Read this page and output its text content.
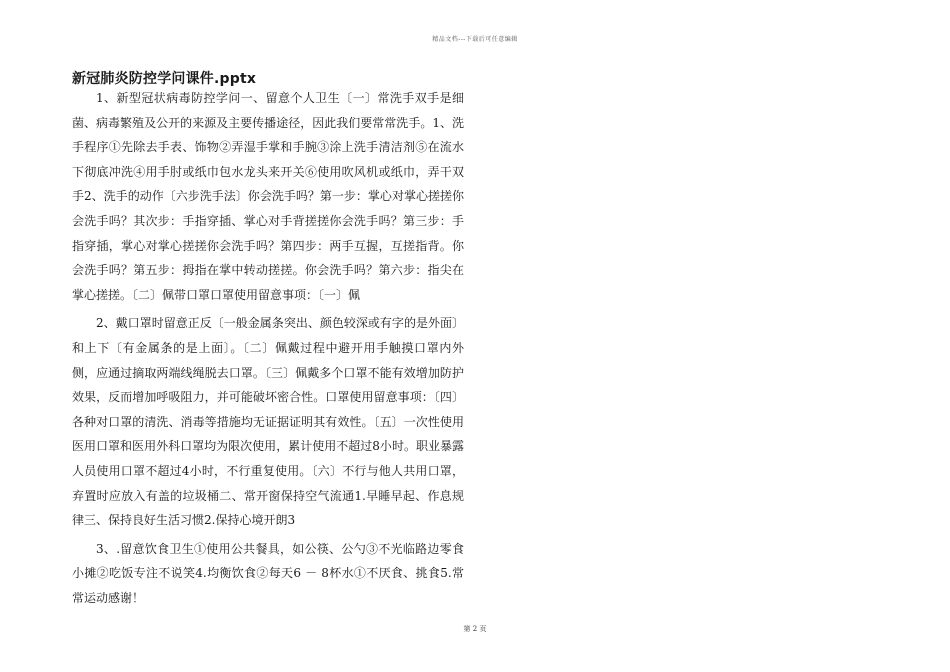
精品文档---下载后可任意编辑
新冠肺炎防控学问课件.pptx

1、新型冠状病毒防控学问一、留意个人卫生〔一〕常洗手双手是细菌、病毒繁殖及公开的来源及主要传播途径，因此我们要常常洗手。1、洗手程序①先除去手表、饰物②弄湿手掌和手腕③涂上洗手清洁剂⑤在流水下彻底冲洗④用手肘或纸巾包水龙头来开关⑥使用吹风机或纸巾，弄干双手2、洗手的动作〔六步洗手法〕你会洗手吗？第一步：掌心对掌心搓搓你会洗手吗？其次步：手指穿插、掌心对手背搓搓你会洗手吗？第三步：手指穿插，掌心对掌心搓搓你会洗手吗？第四步：两手互握，互搓指背。你会洗手吗？第五步：拇指在掌中转动搓搓。你会洗手吗？第六步：指尖在掌心搓搓。〔二〕佩带口罩口罩使用留意事项：〔一〕佩

2、戴口罩时留意正反〔一般金属条突出、颜色较深或有字的是外面〕和上下〔有金属条的是上面〕。〔二〕佩戴过程中避开用手触摸口罩内外侧，应通过摘取两端线绳脱去口罩。〔三〕佩戴多个口罩不能有效增加防护效果，反而增加呼吸阻力，并可能破坏密合性。口罩使用留意事项：〔四〕各种对口罩的清洗、消毒等措施均无证据证明其有效性。〔五〕一次性使用医用口罩和医用外科口罩均为限次使用，累计使用不超过8小时。职业暴露人员使用口罩不超过4小时，不行重复使用。〔六〕不行与他人共用口罩，弃置时应放入有盖的垃圾桶二、常开窗保持空气流通1.早睡早起、作息规律三、保持良好生活习惯2.保持心境开朗3

3、.留意饮食卫生①使用公共餐具，如公筷、公勺③不光临路边零食小摊②吃饭专注不说笑4.均衡饮食②每天6 － 8杯水①不厌食、挑食5.常常运动感谢！

第 2 页
